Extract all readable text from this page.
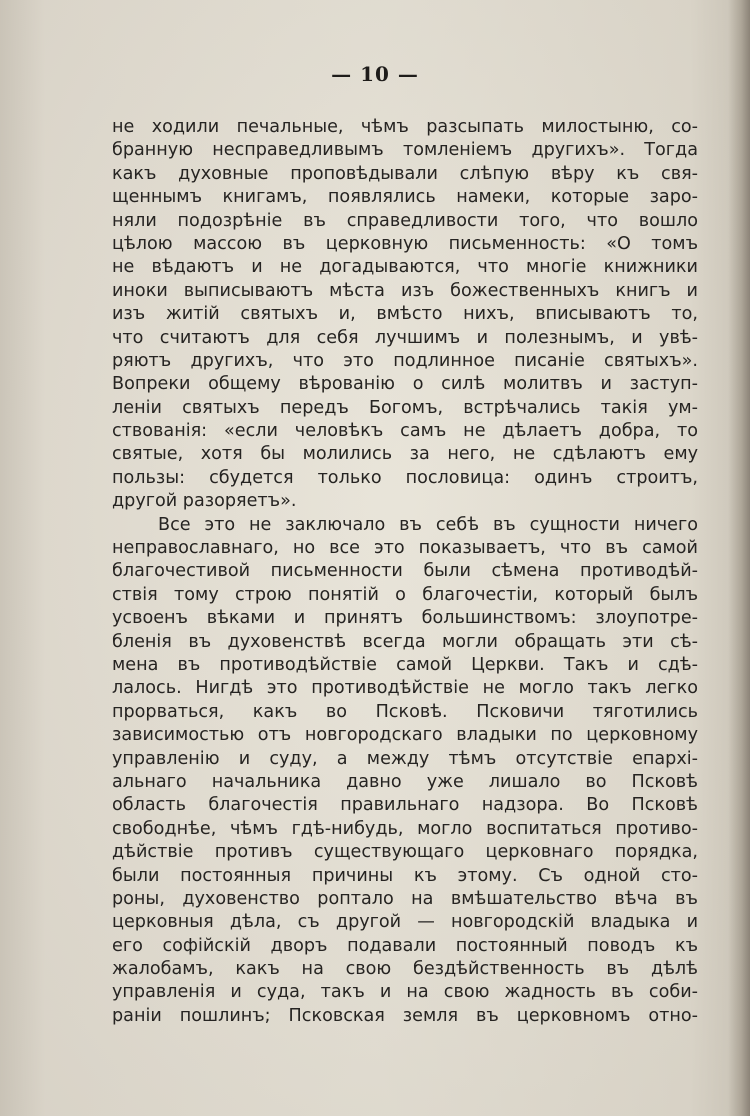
— 10 —
не ходили печальные, чѣмъ разсыпать милостыню, со-
бранную несправедливымъ томленіемъ другихъ». Тогда
какъ духовные проповѣдывали слѣпую вѣру къ свя-
щеннымъ книгамъ, появлялись намеки, которые заро-
няли подозрѣніе въ справедливости того, что вошло
цѣлою массою въ церковную письменность: «О томъ
не вѣдаютъ и не догадываются, что многіе книжники
иноки выписываютъ мѣста изъ божественныхъ книгъ и
изъ житій святыхъ и, вмѣсто нихъ, вписываютъ то,
что считаютъ для себя лучшимъ и полезнымъ, и увѣ-
ряютъ другихъ, что это подлинное писаніе святыхъ».
Вопреки общему вѣрованію о силѣ молитвъ и заступ-
леніи святыхъ передъ Богомъ, встрѣчались такія ум-
ствованія: «если человѣкъ самъ не дѣлаетъ добра, то
святые, хотя бы молились за него, не сдѣлаютъ ему
пользы: сбудется только пословица: одинъ строитъ,
другой разоряетъ».
Все это не заключало въ себѣ въ сущности ничего
неправославнаго, но все это показываетъ, что въ самой
благочестивой письменности были сѣмена противодѣй-
ствія тому строю понятій о благочестіи, который былъ
усвоенъ вѣками и принятъ большинствомъ: злоупотре-
бленія въ духовенствѣ всегда могли обращать эти сѣ-
мена въ противодѣйствіе самой Церкви. Такъ и сдѣ-
лалось. Нигдѣ это противодѣйствіе не могло такъ легко
прорваться, какъ во Псковѣ. Псковичи тяготились
зависимостью отъ новгородскаго владыки по церковному
управленію и суду, а между тѣмъ отсутствіе епархі-
альнаго начальника давно уже лишало во Псковѣ
область благочестія правильнаго надзора. Во Псковѣ
свободнѣе, чѣмъ гдѣ-нибудь, могло воспитаться противо-
дѣйствіе противъ существующаго церковнаго порядка,
были постоянныя причины къ этому. Съ одной сто-
роны, духовенство роптало на вмѣшательство вѣча въ
церковныя дѣла, съ другой — новгородскій владыка и
его софійскій дворъ подавали постоянный поводъ къ
жалобамъ, какъ на свою бездѣйственность въ дѣлѣ
управленія и суда, такъ и на свою жадность въ соби-
раніи пошлинъ; Псковская земля въ церковномъ отно-
